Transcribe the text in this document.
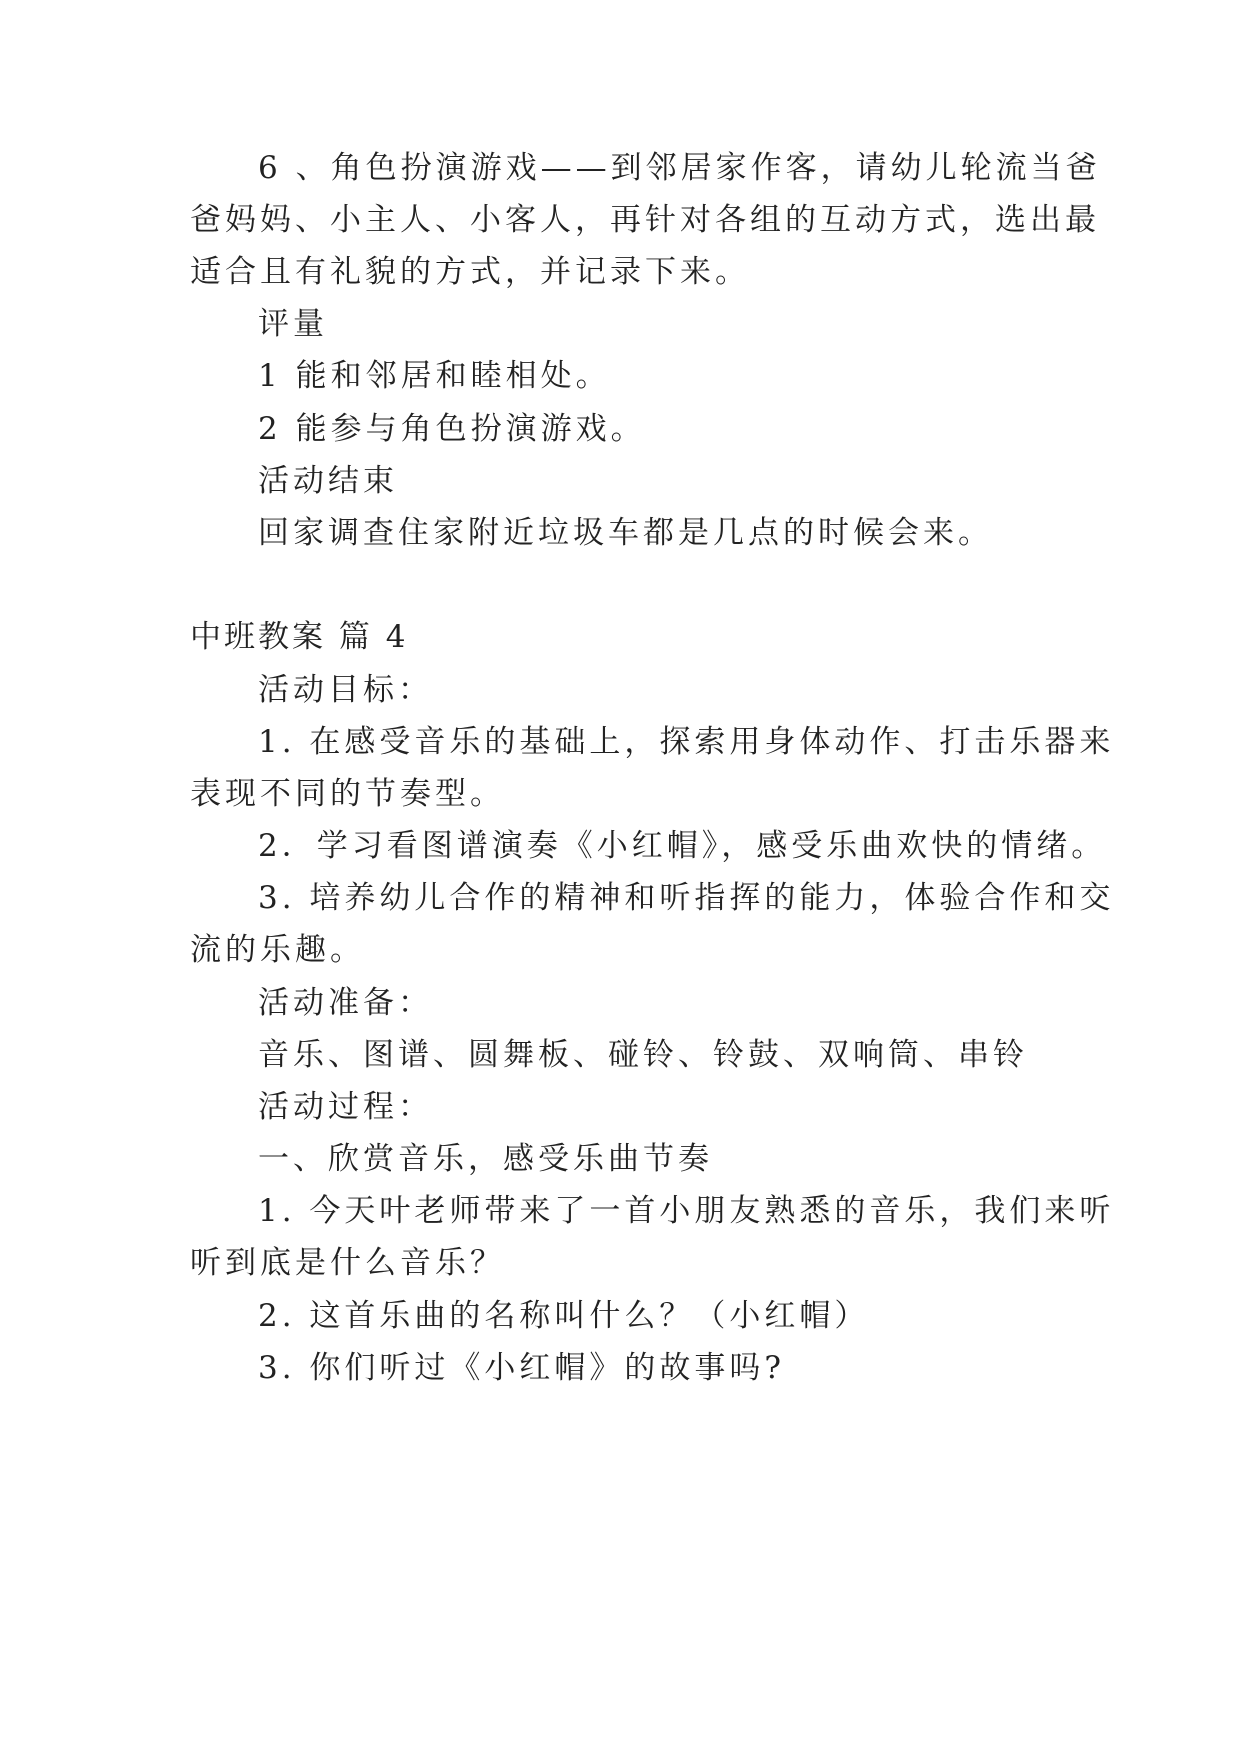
6 、角色扮演游戏——到邻居家作客，请幼儿轮流当爸
爸妈妈、小主人、小客人，再针对各组的互动方式，选出最
适合且有礼貌的方式，并记录下来。
评量
1 能和邻居和睦相处。
2 能参与角色扮演游戏。
活动结束
回家调查住家附近垃圾车都是几点的时候会来。
中班教案 篇 4
活动目标：
1. 在感受音乐的基础上，探索用身体动作、打击乐器来
表现不同的节奏型。
2．学习看图谱演奏《小红帽》，感受乐曲欢快的情绪。
3. 培养幼儿合作的精神和听指挥的能力，体验合作和交
流的乐趣。
活动准备：
音乐、图谱、圆舞板、碰铃、铃鼓、双响筒、串铃
活动过程：
一、欣赏音乐，感受乐曲节奏
1. 今天叶老师带来了一首小朋友熟悉的音乐，我们来听
听到底是什么音乐？
2. 这首乐曲的名称叫什么？（小红帽）
3. 你们听过《小红帽》的故事吗?
